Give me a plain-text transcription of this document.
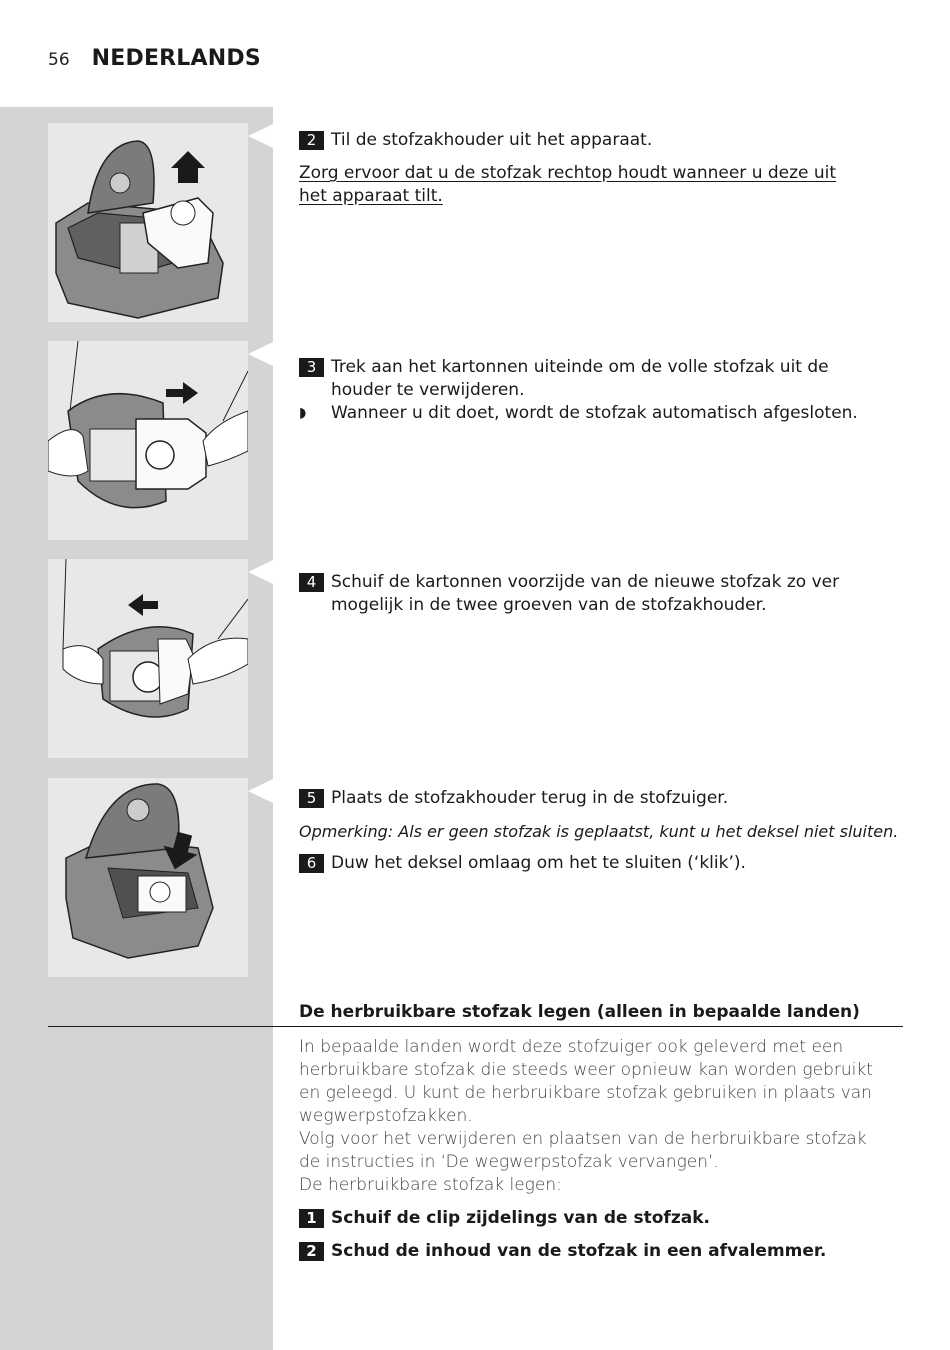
56 NEDERLANDS
2 Til de stofzakhouder uit het apparaat.
Zorg ervoor dat u de stofzak rechtop houdt wanneer u deze uit het apparaat tilt.
3 Trek aan het kartonnen uiteinde om de volle stofzak uit de houder te verwijderen.
◗	Wanneer u dit doet, wordt de stofzak automatisch afgesloten.
4 Schuif de kartonnen voorzijde van de nieuwe stofzak zo ver mogelijk in de twee groeven van de stofzakhouder.
5 Plaats de stofzakhouder terug in de stofzuiger.
Opmerking: Als er geen stofzak is geplaatst, kunt u het deksel niet sluiten.
6 Duw het deksel omlaag om het te sluiten (‘klik’).
De herbruikbare stofzak legen (alleen in bepaalde landen)

In bepaalde landen wordt deze stofzuiger ook geleverd met een herbruikbare stofzak die steeds weer opnieuw kan worden gebruikt en geleegd. U kunt de herbruikbare stofzak gebruiken in plaats van wegwerpstofzakken.

Volg voor het verwijderen en plaatsen van de herbruikbare stofzak de instructies in ‘De wegwerpstofzak vervangen’.

De herbruikbare stofzak legen:

1 Schuif de clip zijdelings van de stofzak.
2 Schud de inhoud van de stofzak in een afvalemmer.
